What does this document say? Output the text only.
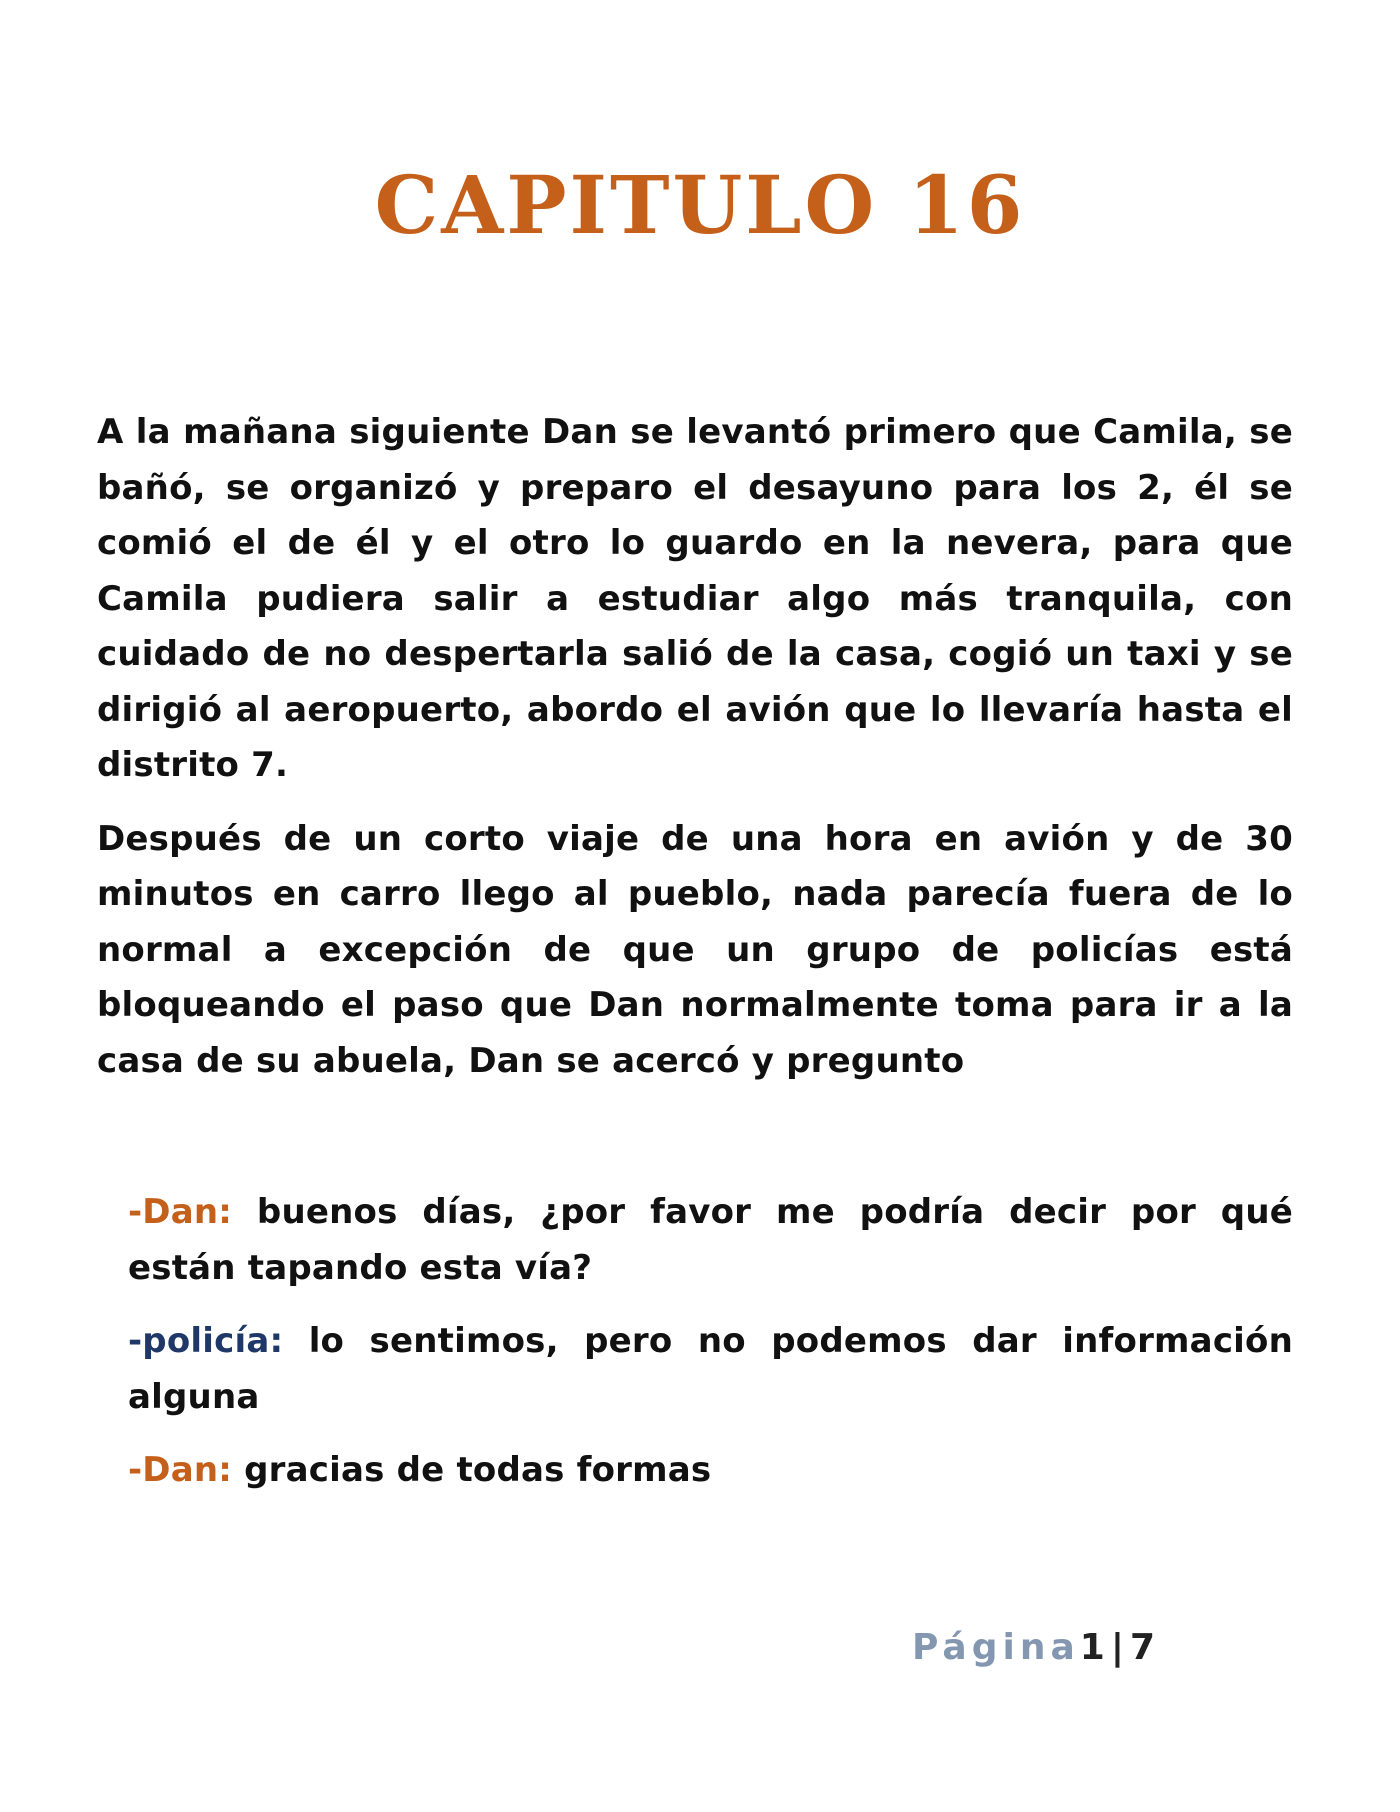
CAPITULO 16

A la mañana siguiente Dan se levantó primero que Camila, se bañó, se organizó y preparo el desayuno para los 2, él se comió el de él y el otro lo guardo en la nevera, para que Camila pudiera salir a estudiar algo más tranquila, con cuidado de no despertarla salió de la casa, cogió un taxi y se dirigió al aeropuerto, abordo el avión que lo llevaría hasta el distrito 7.

Después de un corto viaje de una hora en avión y de 30 minutos en carro llego al pueblo, nada parecía fuera de lo normal a excepción de que un grupo de policías está bloqueando el paso que Dan normalmente toma para ir a la casa de su abuela, Dan se acercó y pregunto

-Dan: buenos días, ¿por favor me podría decir por qué están tapando esta vía?

-policía: lo sentimos, pero no podemos dar información alguna

-Dan: gracias de todas formas

Página1 | 7
